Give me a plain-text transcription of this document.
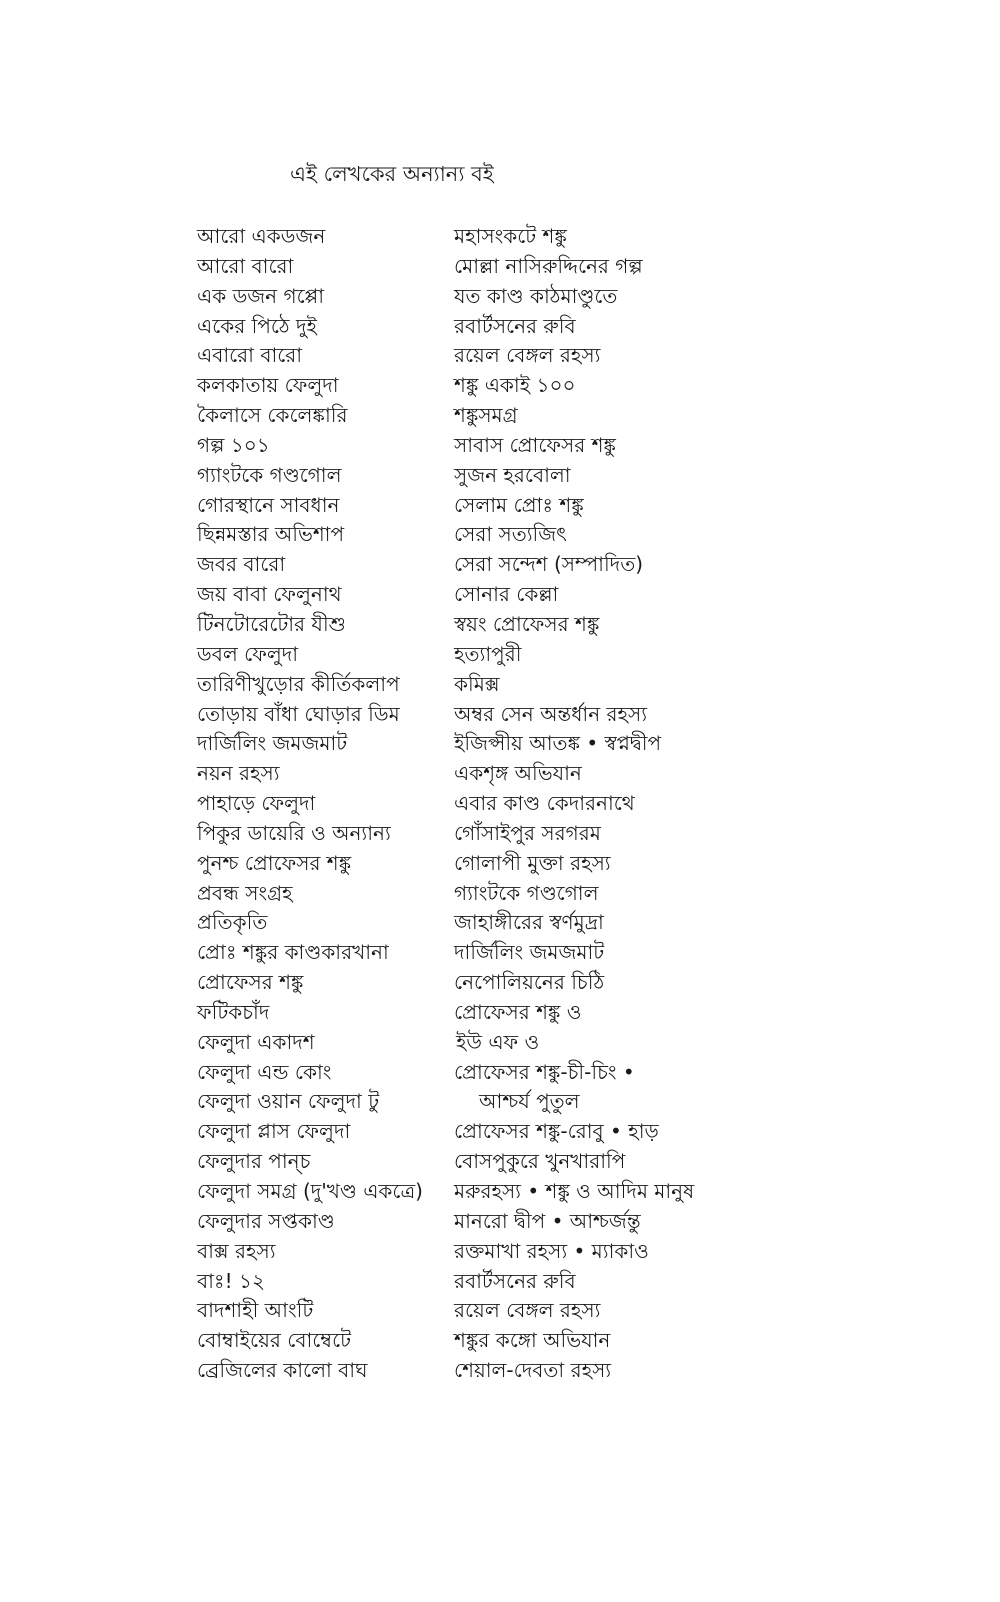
এই লেখকের অন্যান্য বই
আরো একডজন
আরো বারো
এক ডজন গপ্পো
একের পিঠে দুই
এবারো বারো
কলকাতায় ফেলুদা
কৈলাসে কেলেঙ্কারি
গল্প ১০১
গ্যাংটকে গণ্ডগোল
গোরস্থানে সাবধান
ছিন্নমস্তার অভিশাপ
জবর বারো
জয় বাবা ফেলুনাথ
টিনটোরেটোর যীশু
ডবল ফেলুদা
তারিণীখুড়োর কীর্তিকলাপ
তোড়ায় বাঁধা ঘোড়ার ডিম
দার্জিলিং জমজমাট
নয়ন রহস্য
পাহাড়ে ফেলুদা
পিকুর ডায়েরি ও অন্যান্য
পুনশ্চ প্রোফেসর শঙ্কু
প্রবন্ধ সংগ্রহ
প্রতিকৃতি
প্রোঃ শঙ্কুর কাণ্ডকারখানা
প্রোফেসর শঙ্কু
ফটিকচাঁদ
ফেলুদা একাদশ
ফেলুদা এন্ড কোং
ফেলুদা ওয়ান ফেলুদা টু
ফেলুদা প্লাস ফেলুদা
ফেলুদার পান্চ
ফেলুদা সমগ্র (দু'খণ্ড একত্রে)
ফেলুদার সপ্তকাণ্ড
বাক্স রহস্য
বাঃ! ১২
বাদশাহী আংটি
বোম্বাইয়ের বোম্বেটে
ব্রেজিলের কালো বাঘ
মহাসংকটে শঙ্কু
মোল্লা নাসিরুদ্দিনের গল্প
যত কাণ্ড কাঠমাণ্ডুতে
রবার্টসনের রুবি
রয়েল বেঙ্গল রহস্য
শঙ্কু একাই ১০০
শঙ্কুসমগ্র
সাবাস প্রোফেসর শঙ্কু
সুজন হরবোলা
সেলাম প্রোঃ শঙ্কু
সেরা সত্যজিৎ
সেরা সন্দেশ (সম্পাদিত)
সোনার কেল্লা
স্বয়ং প্রোফেসর শঙ্কু
হত্যাপুরী
কমিক্স
অম্বর সেন অন্তর্ধান রহস্য
ইজিপ্সীয় আতঙ্ক • স্বপ্নদ্বীপ
একশৃঙ্গ অভিযান
এবার কাণ্ড কেদারনাথে
গোঁসাইপুর সরগরম
গোলাপী মুক্তা রহস্য
গ্যাংটকে গণ্ডগোল
জাহাঙ্গীরের স্বর্ণমুদ্রা
দার্জিলিং জমজমাট
নেপোলিয়নের চিঠি
প্রোফেসর শঙ্কু ও
ইউ এফ ও
প্রোফেসর শঙ্কু-চী-চিং •
আশ্চর্য পুতুল
প্রোফেসর শঙ্কু-রোবু • হাড়
বোসপুকুরে খুনখারাপি
মরুরহস্য • শঙ্কু ও আদিম মানুষ
মানরো দ্বীপ • আশ্চর্জন্তু
রক্তমাখা রহস্য • ম্যাকাও
রবার্টসনের রুবি
রয়েল বেঙ্গল রহস্য
শঙ্কুর কঙ্গো অভিযান
শেয়াল-দেবতা রহস্য
